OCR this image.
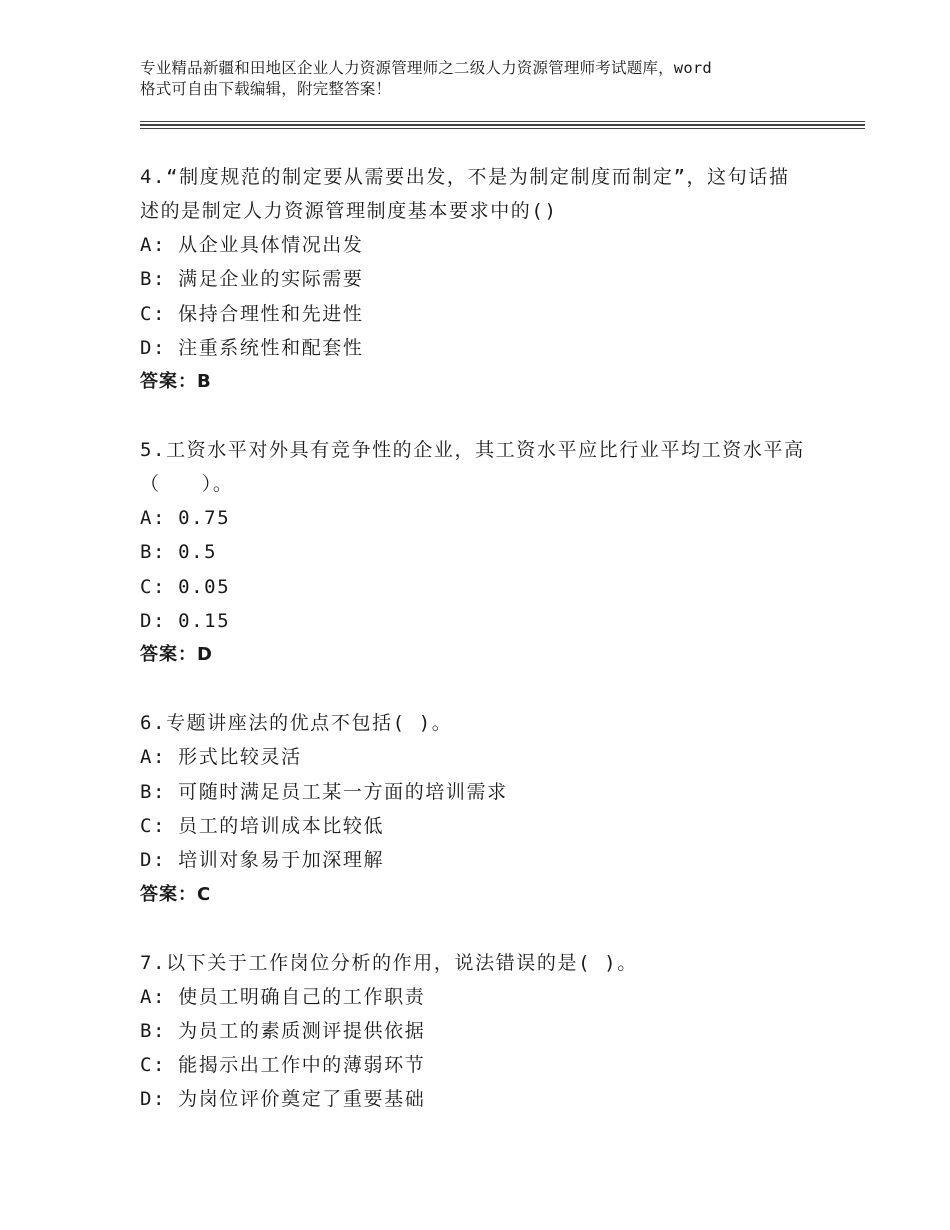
专业精品新疆和田地区企业人力资源管理师之二级人力资源管理师考试题库，word
格式可自由下载编辑，附完整答案！
4.“制度规范的制定要从需要出发，不是为制定制度而制定”，这句话描述的是制定人力资源管理制度基本要求中的()
A : 从企业具体情况出发
B : 满足企业的实际需要
C : 保持合理性和先进性
D : 注重系统性和配套性
答案：B
5.工资水平对外具有竞争性的企业，其工资水平应比行业平均工资水平高（　　）。
A : 0.75
B : 0.5
C : 0.05
D : 0.15
答案：D
6.专题讲座法的优点不包括( )。
A : 形式比较灵活
B : 可随时满足员工某一方面的培训需求
C : 员工的培训成本比较低
D : 培训对象易于加深理解
答案：C
7.以下关于工作岗位分析的作用，说法错误的是( )。
A : 使员工明确自己的工作职责
B : 为员工的素质测评提供依据
C : 能揭示出工作中的薄弱环节
D : 为岗位评价奠定了重要基础
